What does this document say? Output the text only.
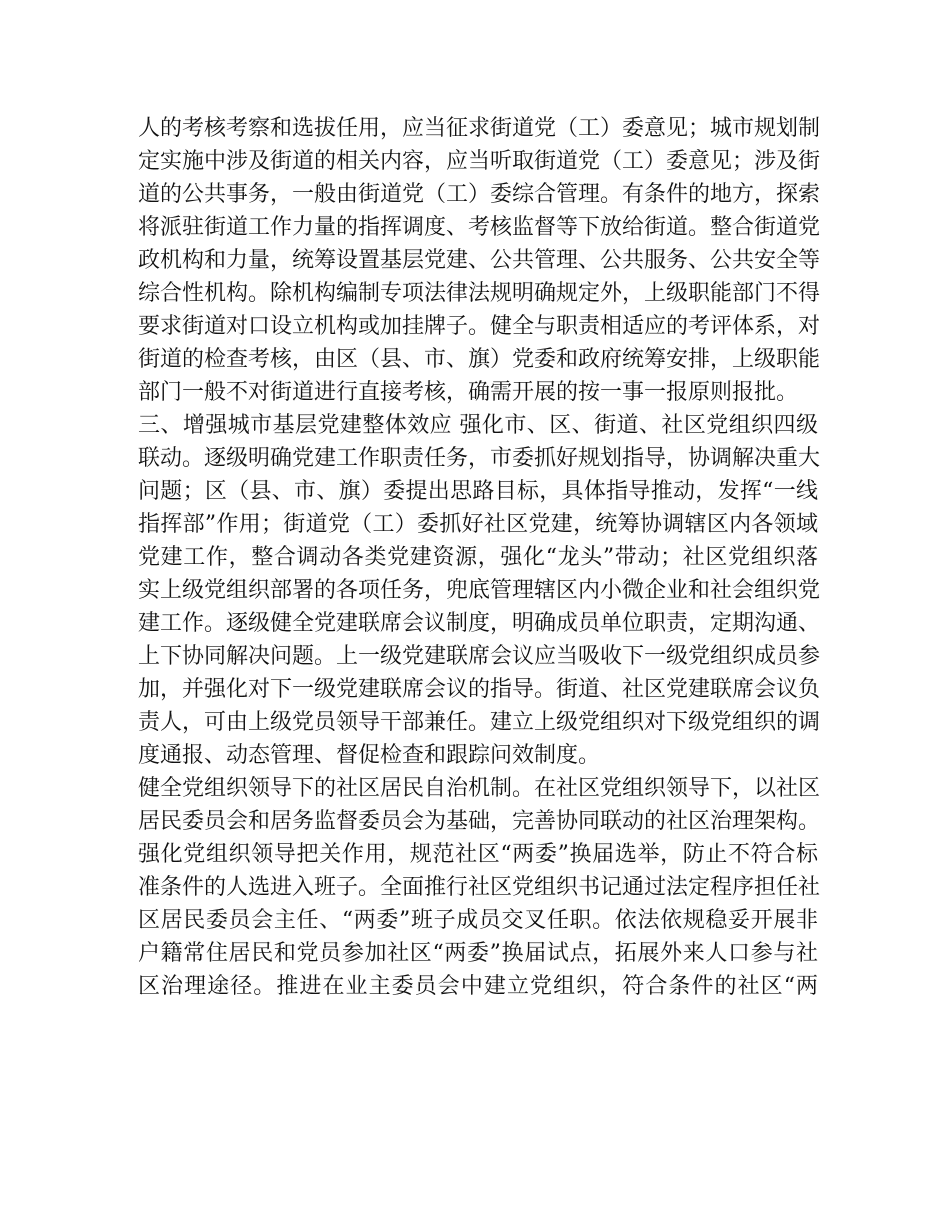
人的考核考察和选拔任用，应当征求街道党（工）委意见；城市规划制
定实施中涉及街道的相关内容，应当听取街道党（工）委意见；涉及街
道的公共事务，一般由街道党（工）委综合管理。有条件的地方，探索
将派驻街道工作力量的指挥调度、考核监督等下放给街道。整合街道党
政机构和力量，统筹设置基层党建、公共管理、公共服务、公共安全等
综合性机构。除机构编制专项法律法规明确规定外，上级职能部门不得
要求街道对口设立机构或加挂牌子。健全与职责相适应的考评体系，对
街道的检查考核，由区（县、市、旗）党委和政府统筹安排，上级职能
部门一般不对街道进行直接考核，确需开展的按一事一报原则报批。
三、增强城市基层党建整体效应 强化市、区、街道、社区党组织四级
联动。逐级明确党建工作职责任务，市委抓好规划指导，协调解决重大
问题；区（县、市、旗）委提出思路目标，具体指导推动，发挥“一线
指挥部”作用；街道党（工）委抓好社区党建，统筹协调辖区内各领域
党建工作，整合调动各类党建资源，强化“龙头”带动；社区党组织落
实上级党组织部署的各项任务，兜底管理辖区内小微企业和社会组织党
建工作。逐级健全党建联席会议制度，明确成员单位职责，定期沟通、
上下协同解决问题。上一级党建联席会议应当吸收下一级党组织成员参
加，并强化对下一级党建联席会议的指导。街道、社区党建联席会议负
责人，可由上级党员领导干部兼任。建立上级党组织对下级党组织的调
度通报、动态管理、督促检查和跟踪问效制度。
健全党组织领导下的社区居民自治机制。在社区党组织领导下，以社区
居民委员会和居务监督委员会为基础，完善协同联动的社区治理架构。
强化党组织领导把关作用，规范社区“两委”换届选举，防止不符合标
准条件的人选进入班子。全面推行社区党组织书记通过法定程序担任社
区居民委员会主任、“两委”班子成员交叉任职。依法依规稳妥开展非
户籍常住居民和党员参加社区“两委”换届试点，拓展外来人口参与社
区治理途径。推进在业主委员会中建立党组织，符合条件的社区“两
